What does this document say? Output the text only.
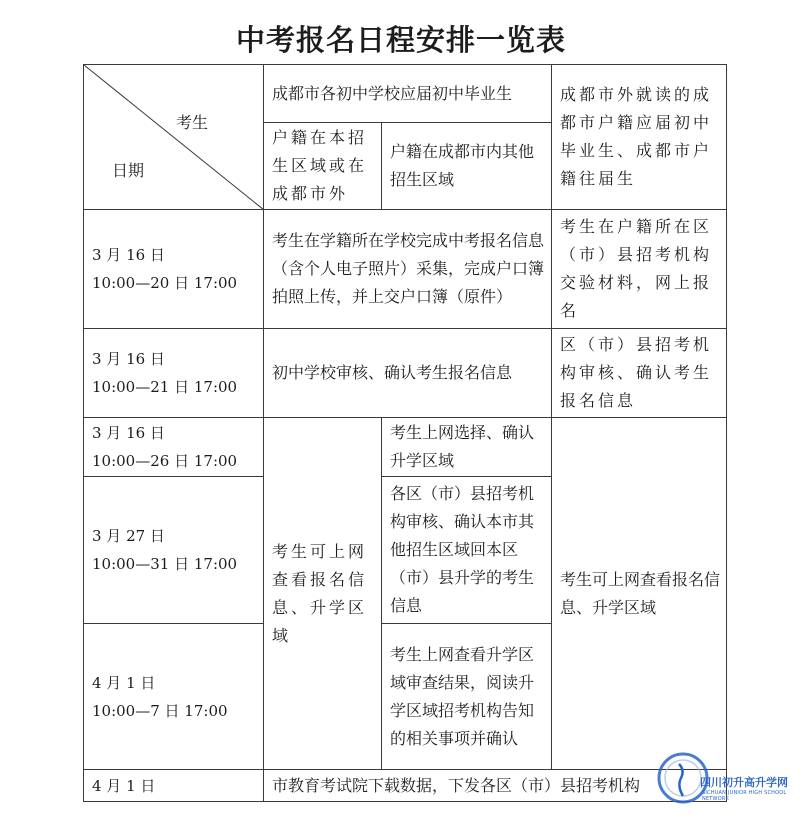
中考报名日程安排一览表
考生
日期	成都市各初中学校应届初中毕业生		成都市外就读的成都市户籍应届初中毕业生、成都市户籍往届生
	户籍在本招生区域或在成都市外	户籍在成都市内其他招生区域	

3 月 16 日
10:00—20 日 17:00	考生在学籍所在学校完成中考报名信息（含个人电子照片）采集，完成户口簿拍照上传，并上交户口簿（原件）		考生在户籍所在区（市）县招考机构交验材料，网上报名

3 月 16 日
10:00—21 日 17:00	初中学校审核、确认考生报名信息		区（市）县招考机构审核、确认考生报名信息

3 月 16 日
10:00—26 日 17:00	考生可上网查看报名信息、升学区域	考生上网选择、确认升学区域	考生可上网查看报名信息、升学区域

3 月 27 日
10:00—31 日 17:00		各区（市）县招考机构审核、确认本市其他招生区域回本区（市）县升学的考生信息	

4 月 1 日
10:00—7 日 17:00		考生上网查看升学区域审查结果，阅读升学区域招考机构告知的相关事项并确认	

4 月 1 日	市教育考试院下载数据，下发各区（市）县招考机构			四川初升高升学网
SICHUAN JUNIOR HIGH SCHOOL NETWORK
